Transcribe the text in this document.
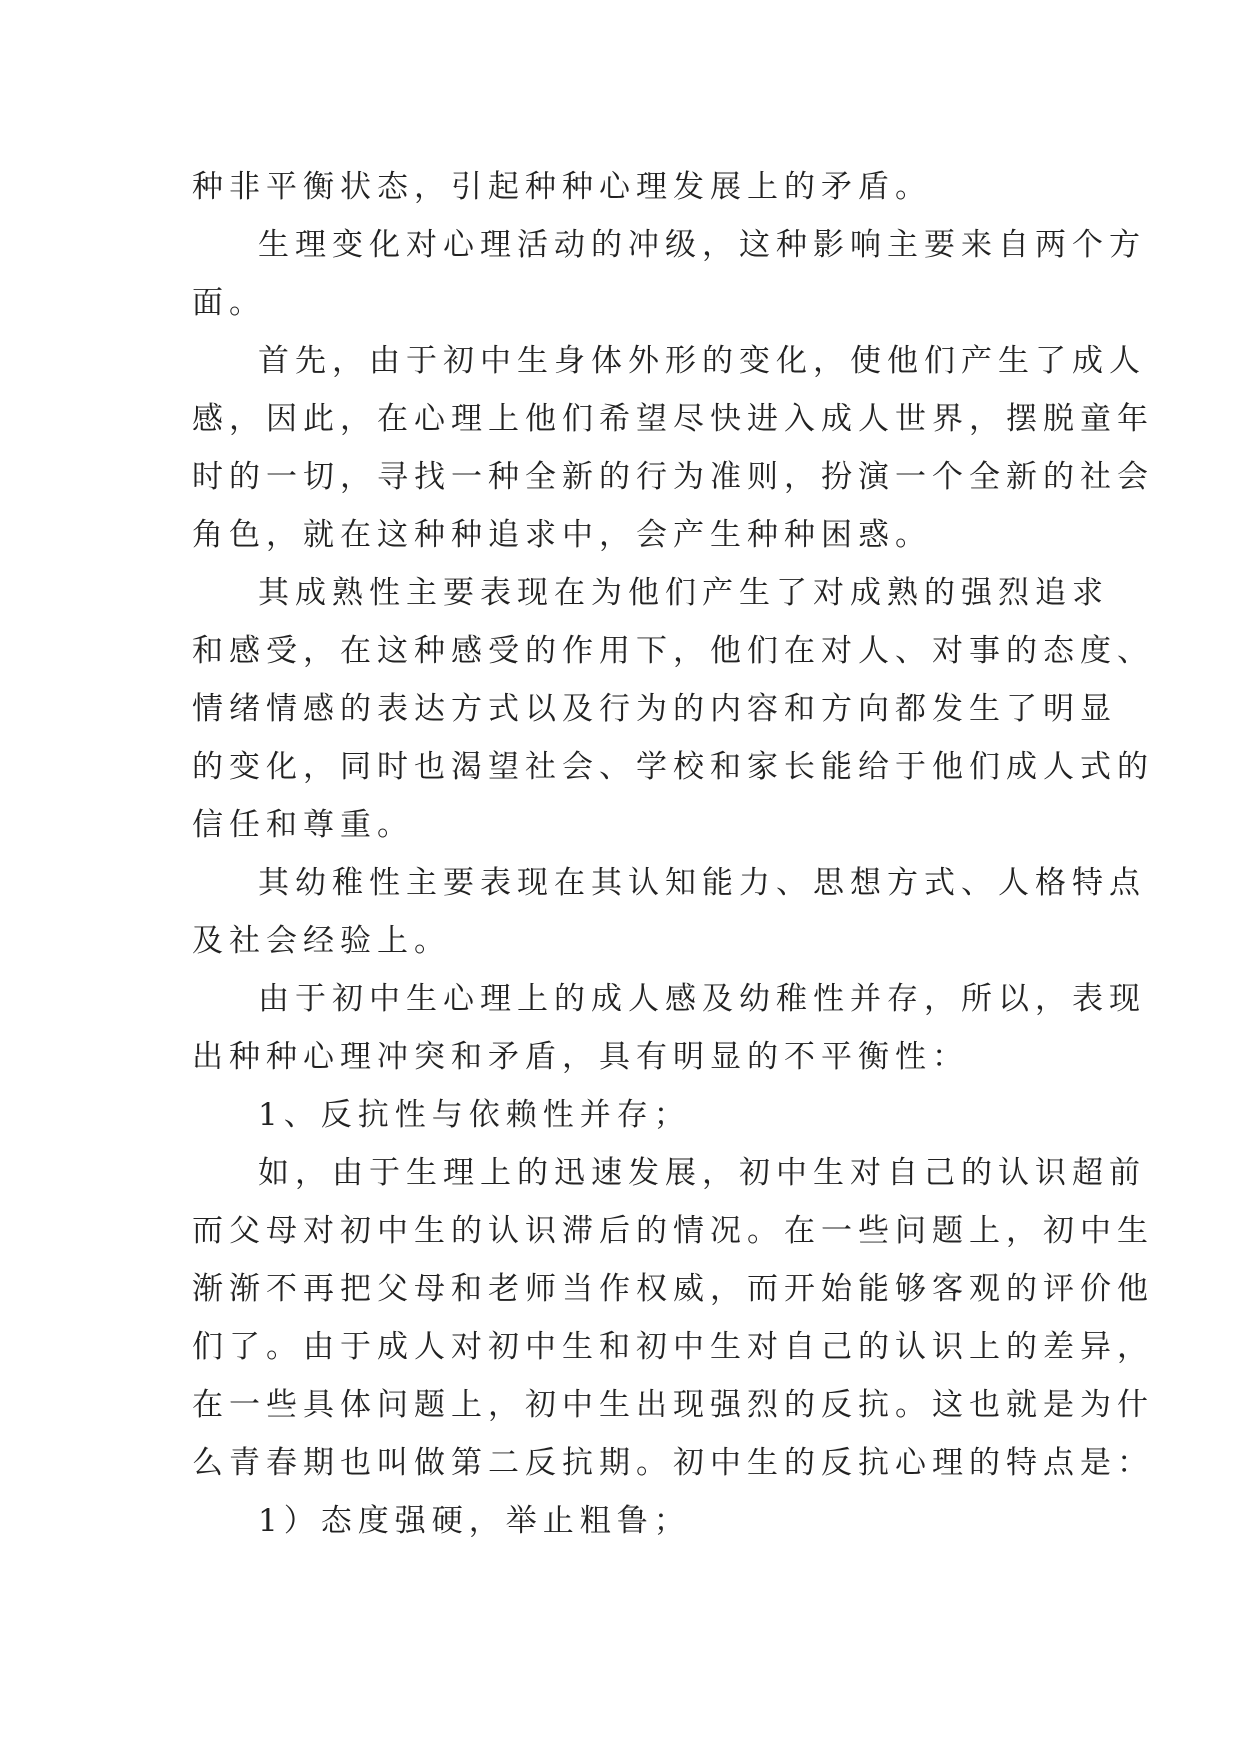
种非平衡状态，引起种种心理发展上的矛盾。
生理变化对心理活动的冲级，这种影响主要来自两个方
面。
首先，由于初中生身体外形的变化，使他们产生了成人
感，因此，在心理上他们希望尽快进入成人世界，摆脱童年
时的一切，寻找一种全新的行为准则，扮演一个全新的社会
角色，就在这种种追求中，会产生种种困惑。
其成熟性主要表现在为他们产生了对成熟的强烈追求
和感受，在这种感受的作用下，他们在对人、对事的态度、
情绪情感的表达方式以及行为的内容和方向都发生了明显
的变化，同时也渴望社会、学校和家长能给于他们成人式的
信任和尊重。
其幼稚性主要表现在其认知能力、思想方式、人格特点
及社会经验上。
由于初中生心理上的成人感及幼稚性并存，所以，表现
出种种心理冲突和矛盾，具有明显的不平衡性：
1、反抗性与依赖性并存；
如，由于生理上的迅速发展，初中生对自己的认识超前
而父母对初中生的认识滞后的情况。在一些问题上，初中生
渐渐不再把父母和老师当作权威，而开始能够客观的评价他
们了。由于成人对初中生和初中生对自己的认识上的差异，
在一些具体问题上，初中生出现强烈的反抗。这也就是为什
么青春期也叫做第二反抗期。初中生的反抗心理的特点是：
1）态度强硬，举止粗鲁；
